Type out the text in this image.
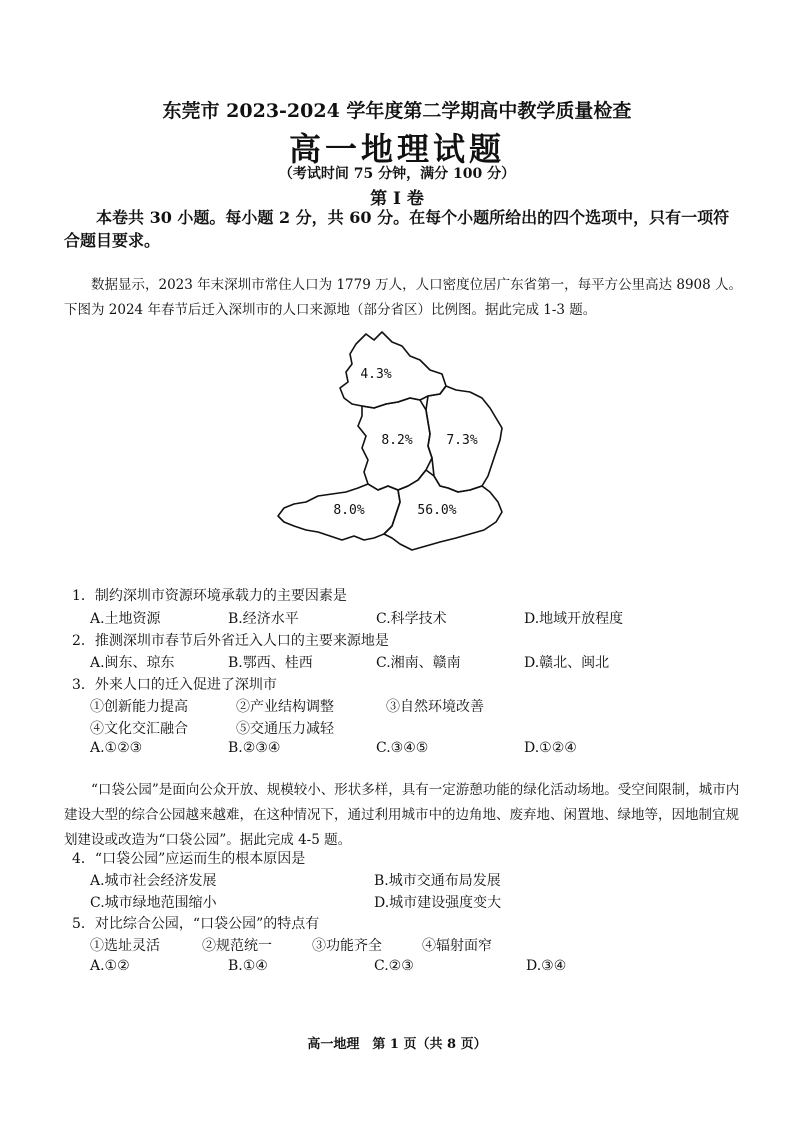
东莞市 2023-2024 学年度第二学期高中教学质量检查
高一地理试题
（考试时间 75 分钟，满分 100 分）
第 I 卷
本卷共 30 小题。每小题 2 分，共 60 分。在每个小题所给出的四个选项中，只有一项符合题目要求。
数据显示，2023 年末深圳市常住人口为 1779 万人，人口密度位居广东省第一，每平方公里高达 8908 人。下图为 2024 年春节后迁入深圳市的人口来源地（部分省区）比例图。据此完成 1-3 题。
4.3%
8.2%	7.3%
8.0%	56.0%
1．制约深圳市资源环境承载力的主要因素是
A.土地资源	B.经济水平	C.科学技术	D.地域开放程度
2．推测深圳市春节后外省迁入人口的主要来源地是
A.闽东、琼东	B.鄂西、桂西	C.湘南、赣南	D.赣北、闽北
3．外来人口的迁入促进了深圳市
①创新能力提高	②产业结构调整	③自然环境改善
④文化交汇融合	⑤交通压力减轻
A.①②③	B.②③④	C.③④⑤	D.①②④
“口袋公园”是面向公众开放、规模较小、形状多样，具有一定游憩功能的绿化活动场地。受空间限制，城市内建设大型的综合公园越来越难，在这种情况下，通过利用城市中的边角地、废弃地、闲置地、绿地等，因地制宜规划建设或改造为“口袋公园”。据此完成 4-5 题。
4．“口袋公园”应运而生的根本原因是
A.城市社会经济发展	B.城市交通布局发展
C.城市绿地范围缩小	D.城市建设强度变大
5．对比综合公园，“口袋公园”的特点有
①选址灵活	②规范统一	③功能齐全	④辐射面窄
A.①②	B.①④	C.②③	D.③④
高一地理　第 1 页（共 8 页）
